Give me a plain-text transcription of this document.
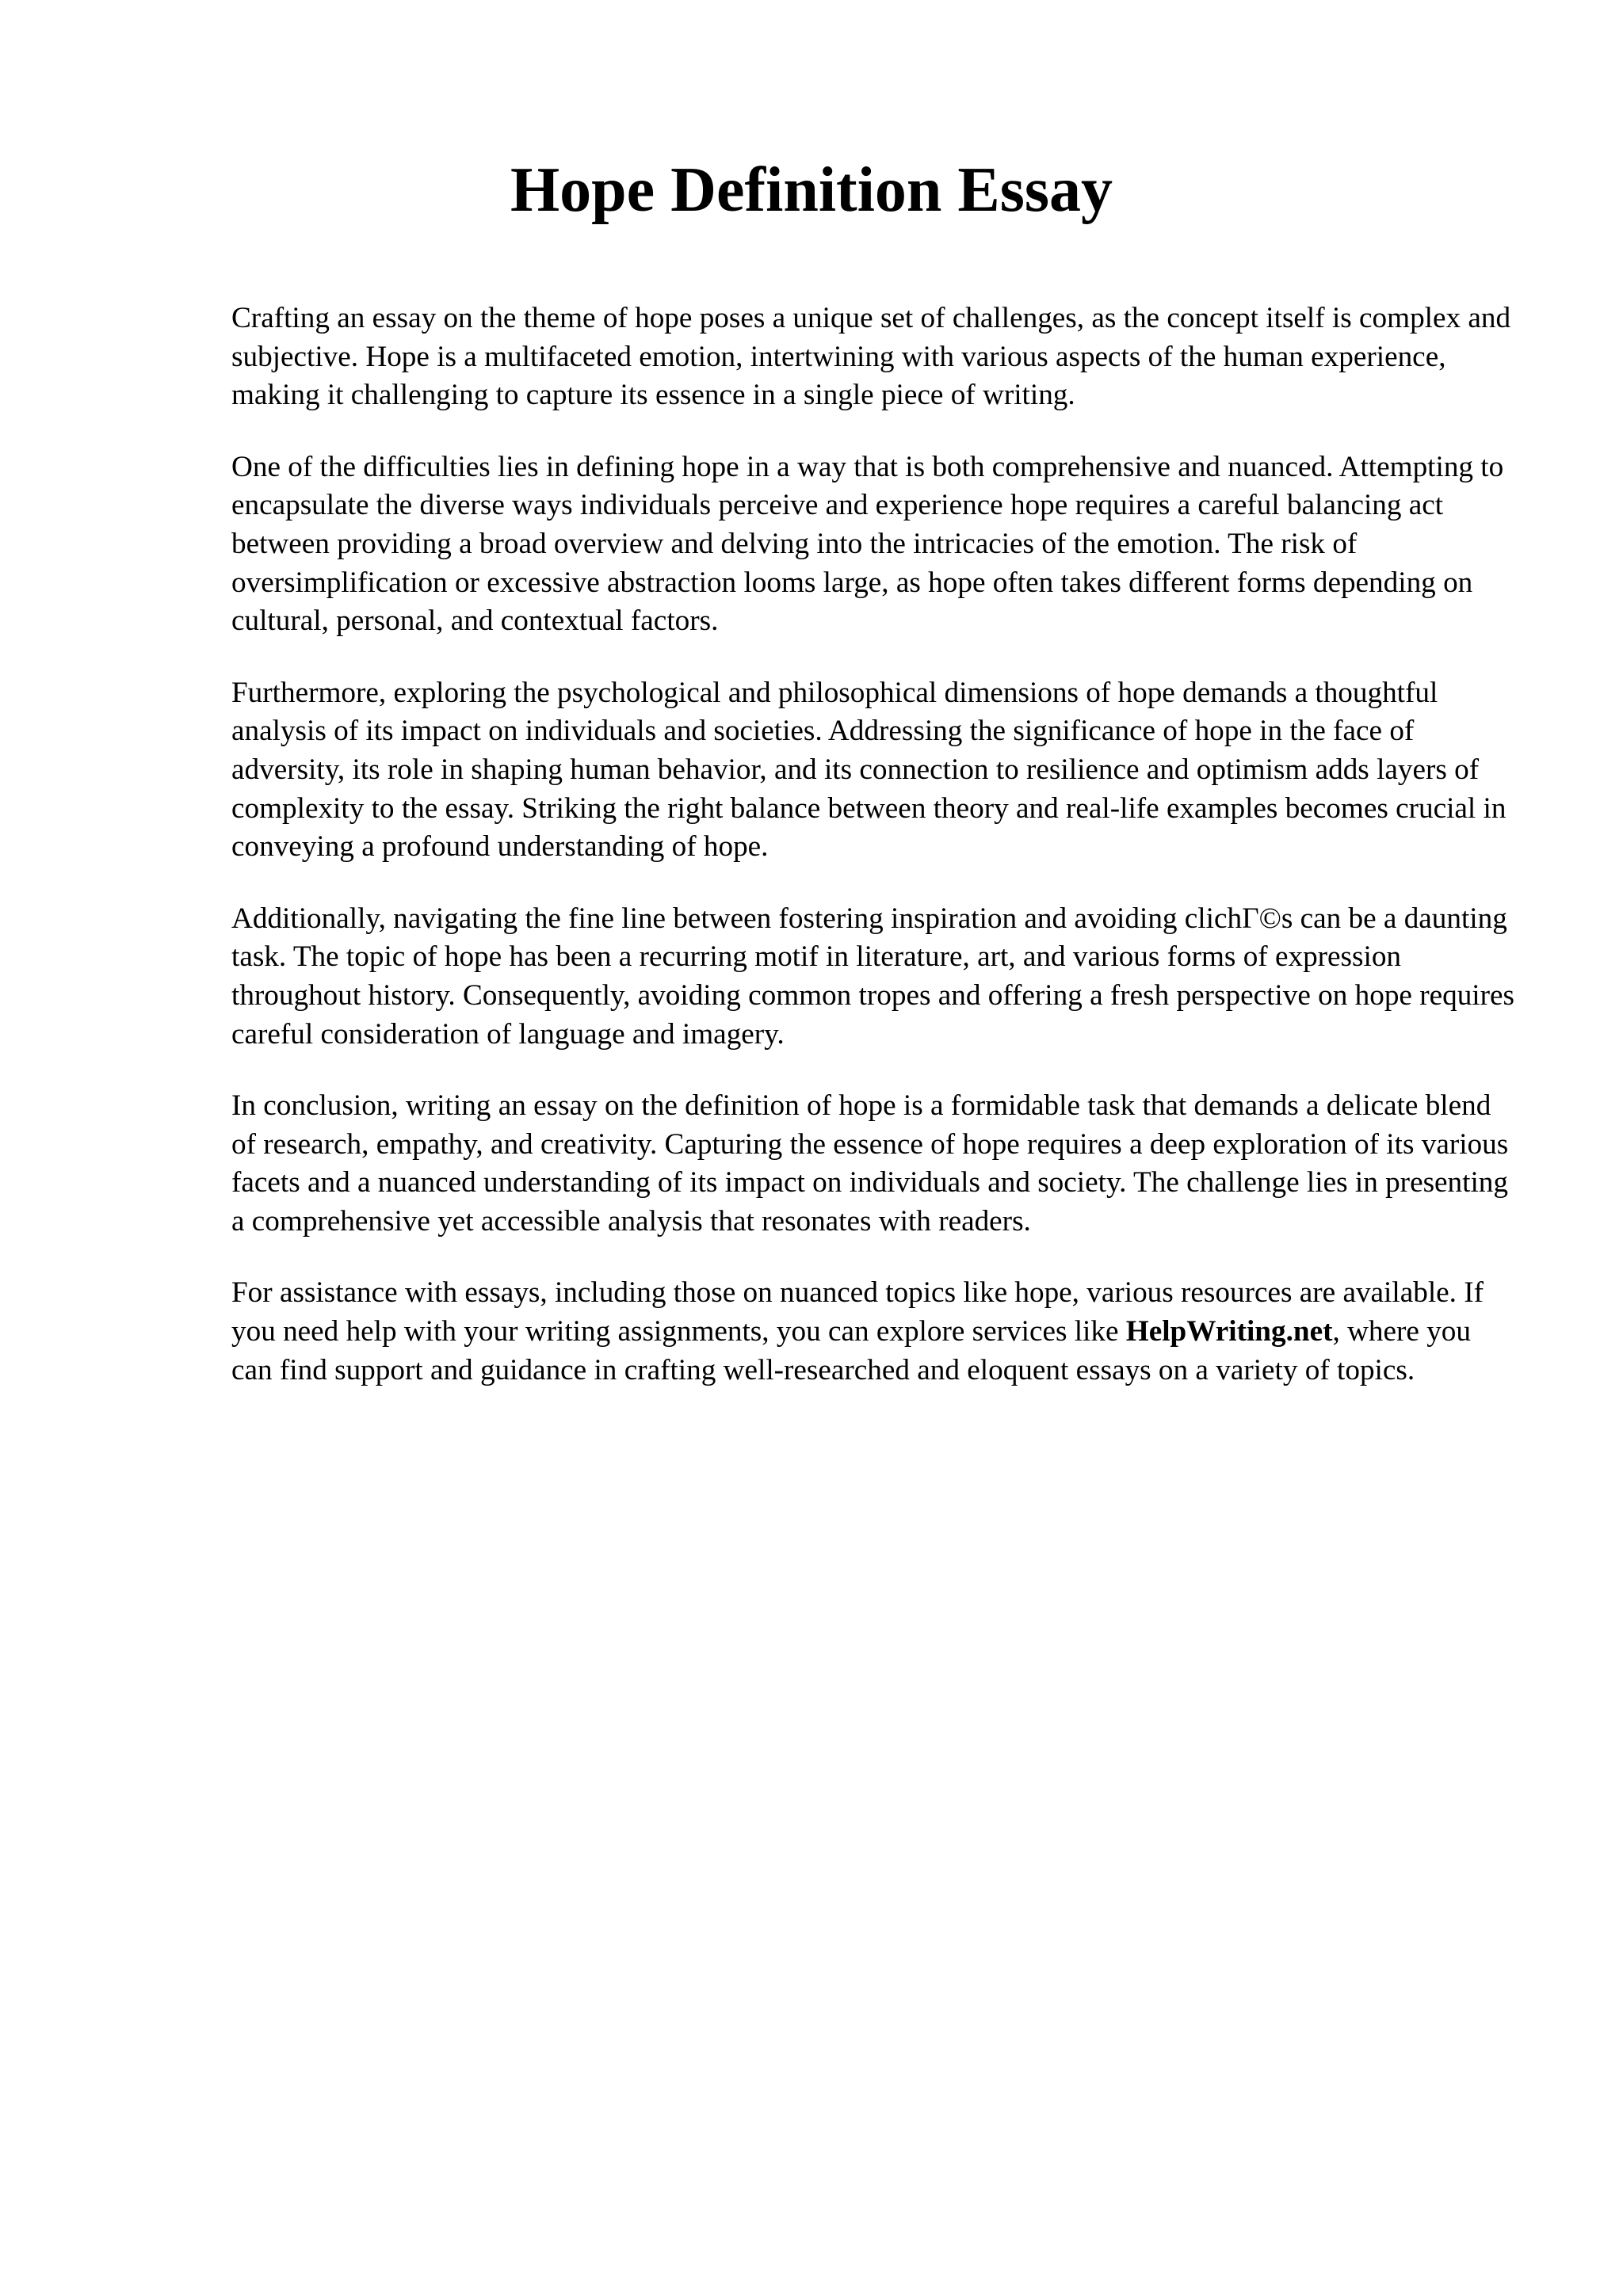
Hope Definition Essay

Crafting an essay on the theme of hope poses a unique set of challenges, as the concept itself is complex and subjective. Hope is a multifaceted emotion, intertwining with various aspects of the human experience, making it challenging to capture its essence in a single piece of writing.

One of the difficulties lies in defining hope in a way that is both comprehensive and nuanced. Attempting to encapsulate the diverse ways individuals perceive and experience hope requires a careful balancing act between providing a broad overview and delving into the intricacies of the emotion. The risk of oversimplification or excessive abstraction looms large, as hope often takes different forms depending on cultural, personal, and contextual factors.

Furthermore, exploring the psychological and philosophical dimensions of hope demands a thoughtful analysis of its impact on individuals and societies. Addressing the significance of hope in the face of adversity, its role in shaping human behavior, and its connection to resilience and optimism adds layers of complexity to the essay. Striking the right balance between theory and real-life examples becomes crucial in conveying a profound understanding of hope.

Additionally, navigating the fine line between fostering inspiration and avoiding clichΓ©s can be a daunting task. The topic of hope has been a recurring motif in literature, art, and various forms of expression throughout history. Consequently, avoiding common tropes and offering a fresh perspective on hope requires careful consideration of language and imagery.

In conclusion, writing an essay on the definition of hope is a formidable task that demands a delicate blend of research, empathy, and creativity. Capturing the essence of hope requires a deep exploration of its various facets and a nuanced understanding of its impact on individuals and society. The challenge lies in presenting a comprehensive yet accessible analysis that resonates with readers.

For assistance with essays, including those on nuanced topics like hope, various resources are available. If you need help with your writing assignments, you can explore services like HelpWriting.net, where you can find support and guidance in crafting well-researched and eloquent essays on a variety of topics.
